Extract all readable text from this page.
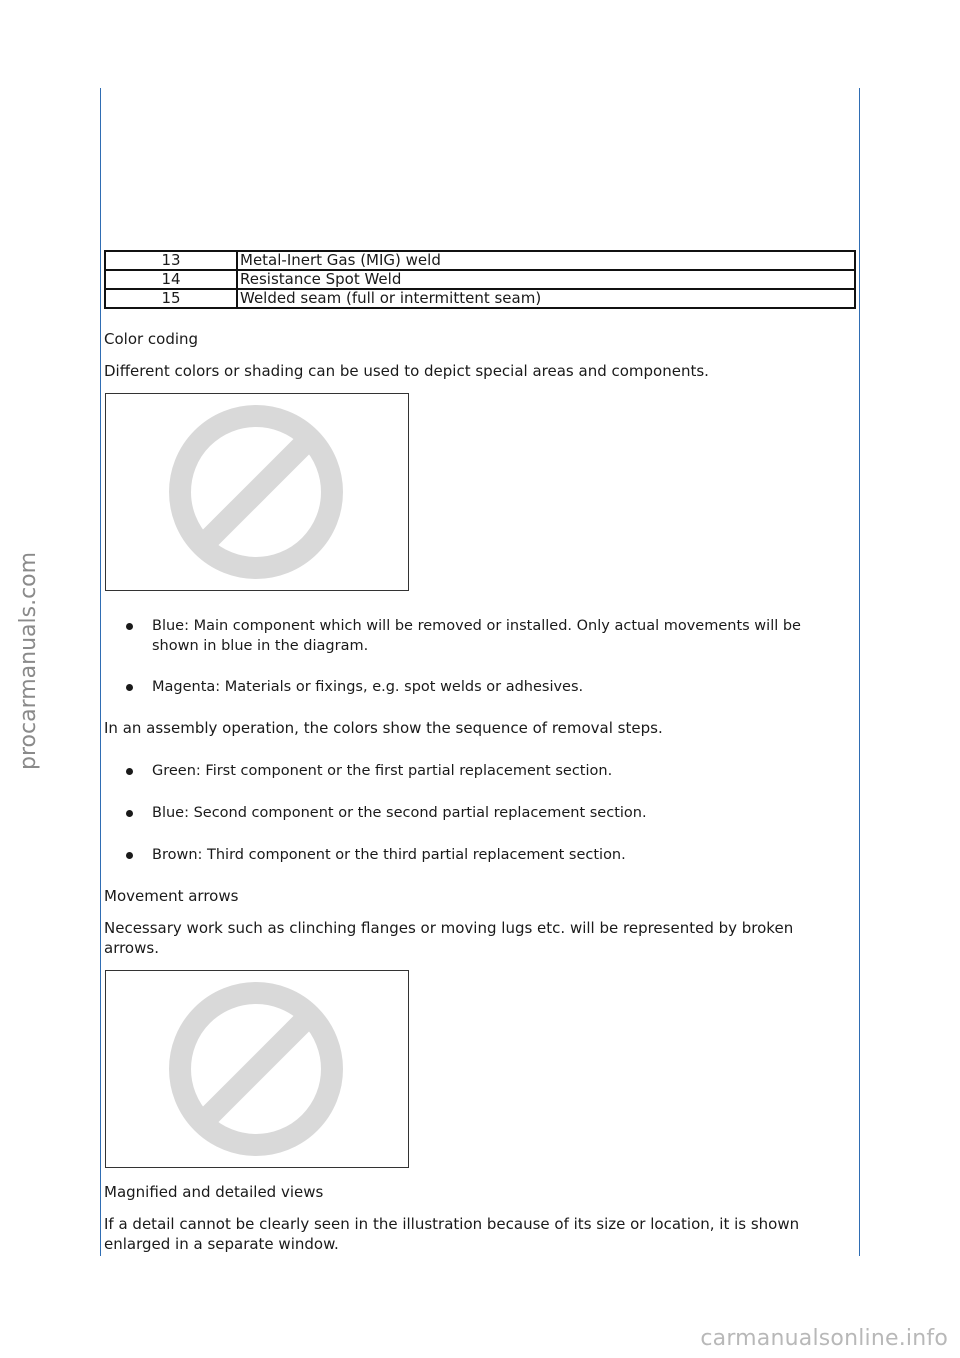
procarmanuals.com
13	Metal-Inert Gas (MIG) weld
14	Resistance Spot Weld
15	Welded seam (full or intermittent seam)
Color coding
Different colors or shading can be used to depict special areas and components.
Blue: Main component which will be removed or installed. Only actual movements will be shown in blue in the diagram.
Magenta: Materials or fixings, e.g. spot welds or adhesives.
In an assembly operation, the colors show the sequence of removal steps.
Green: First component or the first partial replacement section.
Blue: Second component or the second partial replacement section.
Brown: Third component or the third partial replacement section.
Movement arrows
Necessary work such as clinching flanges or moving lugs etc. will be represented by broken arrows.
Magnified and detailed views
If a detail cannot be clearly seen in the illustration because of its size or location, it is shown enlarged in a separate window.
carmanualsonline.info
